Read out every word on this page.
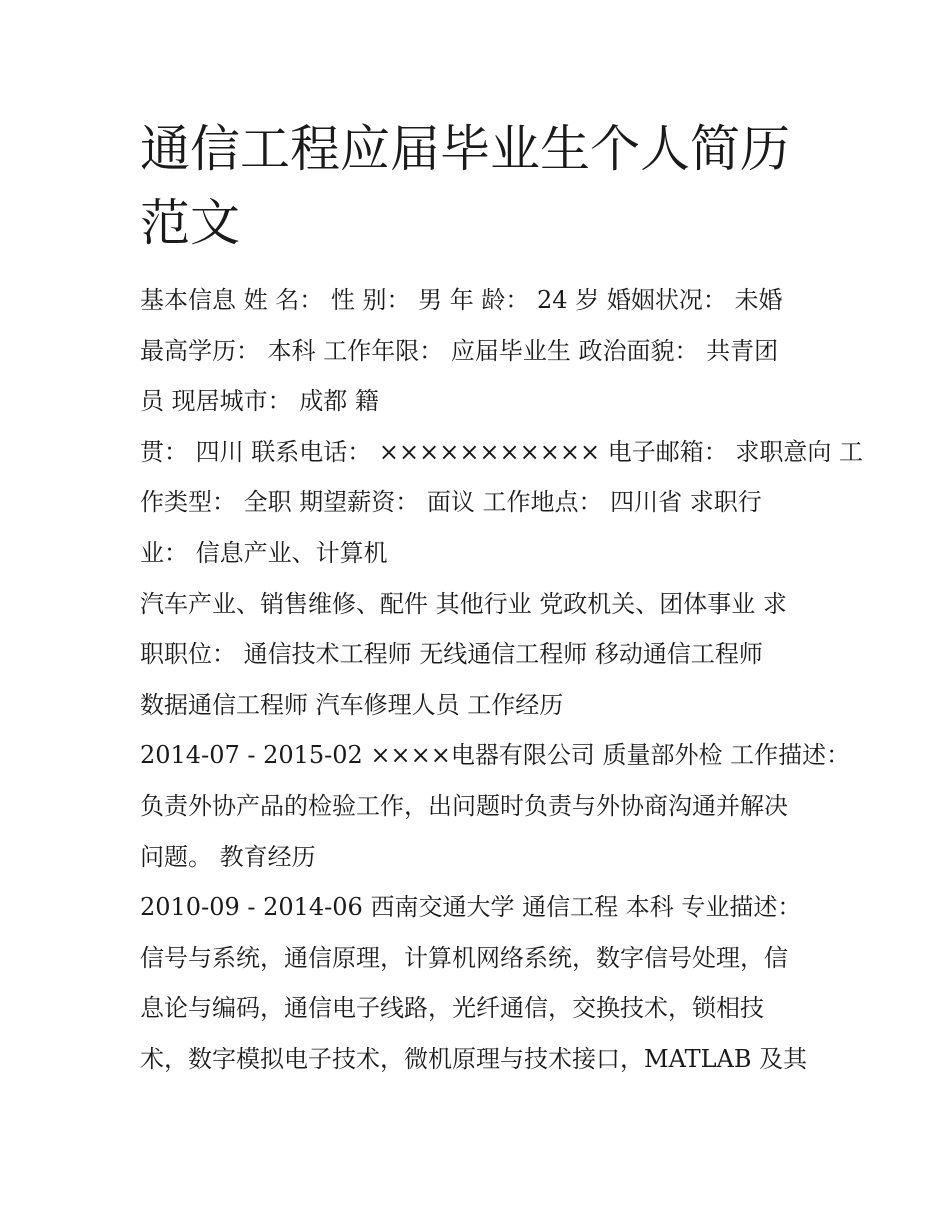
通信工程应届毕业生个人简历
范文
基本信息 姓 名： 性 别： 男 年 龄： 24 岁 婚姻状况： 未婚
最高学历： 本科 工作年限： 应届毕业生 政治面貌： 共青团
员 现居城市： 成都 籍
贯： 四川 联系电话： ××××××××××× 电子邮箱： 求职意向 工
作类型： 全职 期望薪资： 面议 工作地点： 四川省 求职行
业： 信息产业、计算机
汽车产业、销售维修、配件 其他行业 党政机关、团体事业 求
职职位： 通信技术工程师 无线通信工程师 移动通信工程师
数据通信工程师 汽车修理人员 工作经历
2014-07 - 2015-02 ××××电器有限公司 质量部外检 工作描述：
负责外协产品的检验工作，出问题时负责与外协商沟通并解决
问题。 教育经历
2010-09 - 2014-06 西南交通大学 通信工程 本科 专业描述：
信号与系统，通信原理，计算机网络系统，数字信号处理，信
息论与编码，通信电子线路，光纤通信，交换技术，锁相技
术，数字模拟电子技术，微机原理与技术接口，MATLAB 及其
